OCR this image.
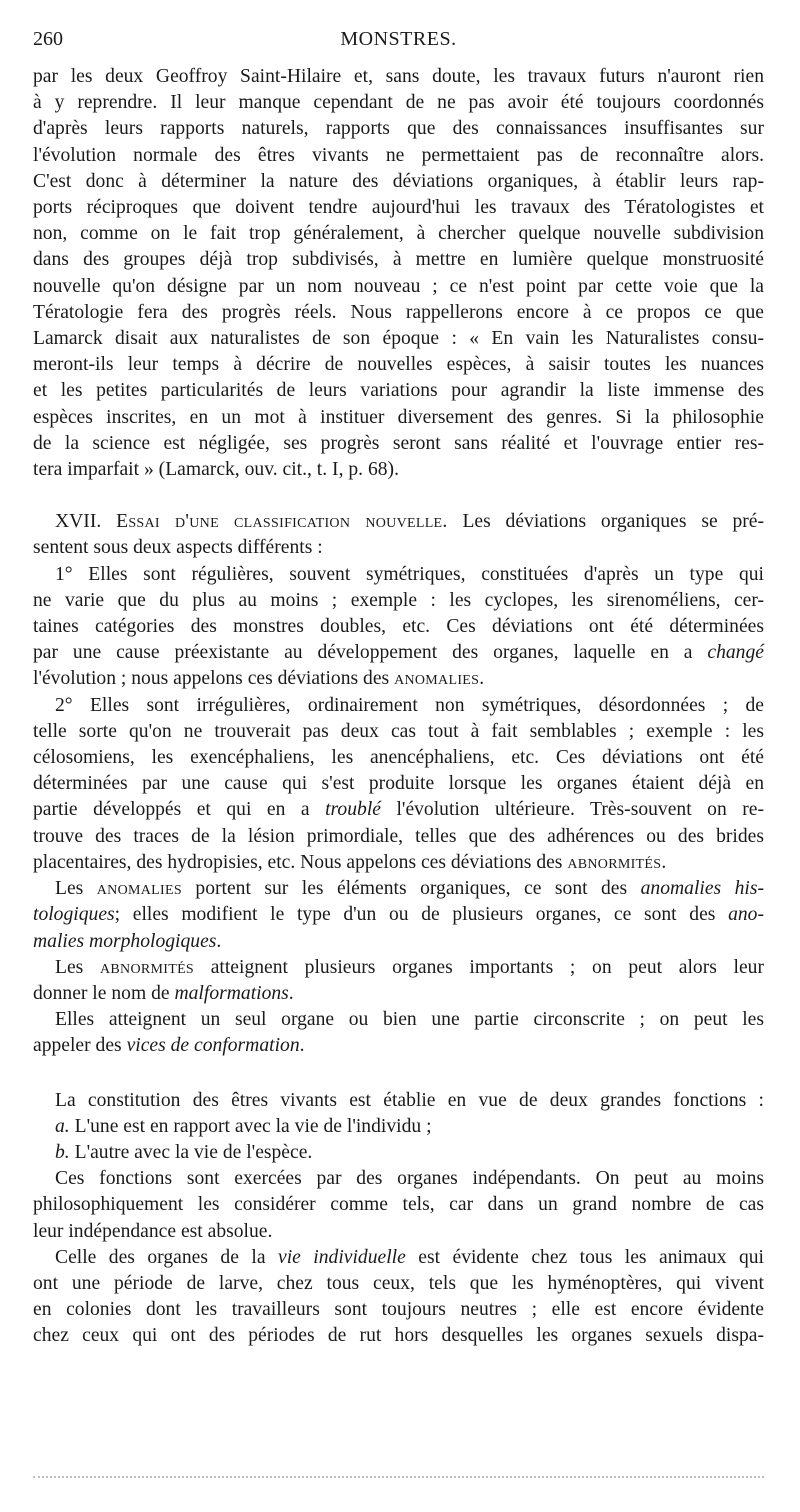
260	MONSTRES.

par les deux Geoffroy Saint-Hilaire et, sans doute, les travaux futurs n'auront rien
à y reprendre. Il leur manque cependant de ne pas avoir été toujours coordonnés
d'après leurs rapports naturels, rapports que des connaissances insuffisantes sur
l'évolution normale des êtres vivants ne permettaient pas de reconnaître alors.
C'est donc à déterminer la nature des déviations organiques, à établir leurs rap-
ports réciproques que doivent tendre aujourd'hui les travaux des Tératologistes et
non, comme on le fait trop généralement, à chercher quelque nouvelle subdivision
dans des groupes déjà trop subdivisés, à mettre en lumière quelque monstruosité
nouvelle qu'on désigne par un nom nouveau ; ce n'est point par cette voie que la
Tératologie fera des progrès réels. Nous rappellerons encore à ce propos ce que
Lamarck disait aux naturalistes de son époque : « En vain les Naturalistes consu-
meront-ils leur temps à décrire de nouvelles espèces, à saisir toutes les nuances
et les petites particularités de leurs variations pour agrandir la liste immense des
espèces inscrites, en un mot à instituer diversement des genres. Si la philosophie
de la science est négligée, ses progrès seront sans réalité et l'ouvrage entier res-
tera imparfait » (Lamarck, ouv. cit., t. I, p. 68).

XVII. Essai d'une classification nouvelle. Les déviations organiques se pré-
sentent sous deux aspects différents :

1° Elles sont régulières, souvent symétriques, constituées d'après un type qui
ne varie que du plus au moins ; exemple : les cyclopes, les sirenoméliens, cer-
taines catégories des monstres doubles, etc. Ces déviations ont été déterminées
par une cause préexistante au développement des organes, laquelle en a changé
l'évolution ; nous appelons ces déviations des anomalies.

2° Elles sont irrégulières, ordinairement non symétriques, désordonnées ; de
telle sorte qu'on ne trouverait pas deux cas tout à fait semblables ; exemple : les
célosomiens, les exencéphaliens, les anencéphaliens, etc. Ces déviations ont été
déterminées par une cause qui s'est produite lorsque les organes étaient déjà en
partie développés et qui en a troublé l'évolution ultérieure. Très-souvent on re-
trouve des traces de la lésion primordiale, telles que des adhérences ou des brides
placentaires, des hydropisies, etc. Nous appelons ces déviations des abnormités.

Les anomalies portent sur les éléments organiques, ce sont des anomalies his-
tologiques; elles modifient le type d'un ou de plusieurs organes, ce sont des ano-
malies morphologiques.

Les abnormités atteignent plusieurs organes importants ; on peut alors leur
donner le nom de malformations.

Elles atteignent un seul organe ou bien une partie circonscrite ; on peut les
appeler des vices de conformation.

La constitution des êtres vivants est établie en vue de deux grandes fonctions :
a. L'une est en rapport avec la vie de l'individu ;
b. L'autre avec la vie de l'espèce.

Ces fonctions sont exercées par des organes indépendants. On peut au moins
philosophiquement les considérer comme tels, car dans un grand nombre de cas
leur indépendance est absolue.

Celle des organes de la vie individuelle est évidente chez tous les animaux qui
ont une période de larve, chez tous ceux, tels que les hyménoptères, qui vivent
en colonies dont les travailleurs sont toujours neutres ; elle est encore évidente
chez ceux qui ont des périodes de rut hors desquelles les organes sexuels dispa-
